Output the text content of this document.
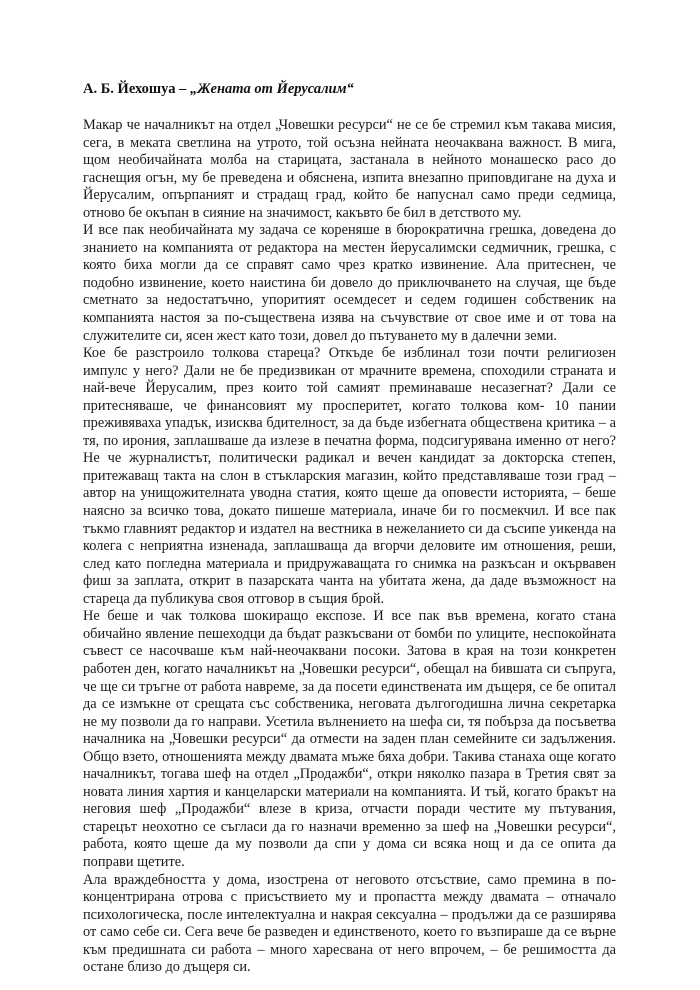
А. Б. Йехошуа – „Жената от Йерусалим“

Макар че началникът на отдел „Човешки ресурси“ не се бе стремил към такава мисия, сега, в меката светлина на утрото, той осъзна нейната неочаквана важност. В мига, щом необичайната молба на старицата, застанала в нейното монашеско расо до гаснещия огън, му бе преведена и обяснена, изпита внезапно приповдигане на духа и Йерусалим, опърпаният и страдащ град, който бе напуснал само преди седмица, отново бе окъпан в сияние на значимост, какъвто бе бил в детството му.

И все пак необичайната му задача се кореняше в бюрократична грешка, доведена до знанието на компанията от редактора на местен йерусалимски седмичник, грешка, с която биха могли да се справят само чрез кратко извинение. Ала притеснен, че подобно извинение, което наистина би довело до приключването на случая, ще бъде сметнато за недостатъчно, упоритият осемдесет и седем годишен собственик на компанията настоя за по-съществена изява на съчувствие от свое име и от това на служителите си, ясен жест като този, довел до пътуването му в далечни земи.

Кое бе разстроило толкова стареца? Откъде бе изблинал този почти религиозен импулс у него? Дали не бе предизвикан от мрачните времена, споходили страната и най-вече Йерусалим, през които той самият преминаваше несазегнат? Дали се притесняваше, че финансовият му просперитет, когато толкова ком- 10 пании преживяваха упадък, изисква бдителност, за да бъде избегната обществена критика – а тя, по ирония, заплашваше да излезе в печатна форма, подсигурявана именно от него? Не че журналистът, политически радикал и вечен кандидат за докторска степен, притежаващ такта на слон в стъкларския магазин, който представляваше този град – автор на унищожителната уводна статия, която щеше да оповести историята, – беше наясно за всичко това, докато пишеше материала, иначе би го посмекчил. И все пак тъкмо главният редактор и издател на вестника в нежеланието си да съсипе уикенда на колега с неприятна изненада, заплашваща да вгорчи деловите им отношения, реши, след като погледна материала и придружаващата го снимка на разкъсан и окървавен фиш за заплата, открит в пазарската чанта на убитата жена, да даде възможност на стареца да публикува своя отговор в същия брой.

Не беше и чак толкова шокиращо експозе. И все пак във времена, когато стана обичайно явление пешеходци да бъдат разкъсвани от бомби по улиците, неспокойната съвест се насочваше към най-неочаквани посоки. Затова в края на този конкретен работен ден, когато началникът на „Човешки ресурси“, обещал на бившата си съпруга, че ще си тръгне от работа навреме, за да посети единствената им дъщеря, се бе опитал да се измъкне от срещата със собственика, неговата дългогодишна лична секретарка не му позволи да го направи. Усетила вълнението на шефа си, тя побърза да посъветва началника на „Човешки ресурси“ да отмести на заден план семейните си задължения. Общо взето, отношенията между двамата мъже бяха добри. Такива станаха още когато началникът, тогава шеф на отдел „Продажби“, откри няколко пазара в Третия свят за новата линия хартия и канцеларски материали на компанията. И тъй, когато бракът на неговия шеф „Продажби“ влезе в криза, отчасти поради честите му пътувания, старецът неохотно се съгласи да го назначи временно за шеф на „Човешки ресурси“, работа, която щеше да му позволи да спи у дома си всяка нощ и да се опита да поправи щетите.

Ала враждебността у дома, изострена от неговото отсъствие, само премина в по-концентрирана отрова с присъствието му и пропастта между двамата – отначало психологическа, после интелектуална и накрая сексуална – продължи да се разширява от само себе си. Сега вече бе разведен и единственото, което го възпираше да се върне към предишната си работа – много харесвана от него впрочем, – бе решимостта да остане близо до дъщеря си.
